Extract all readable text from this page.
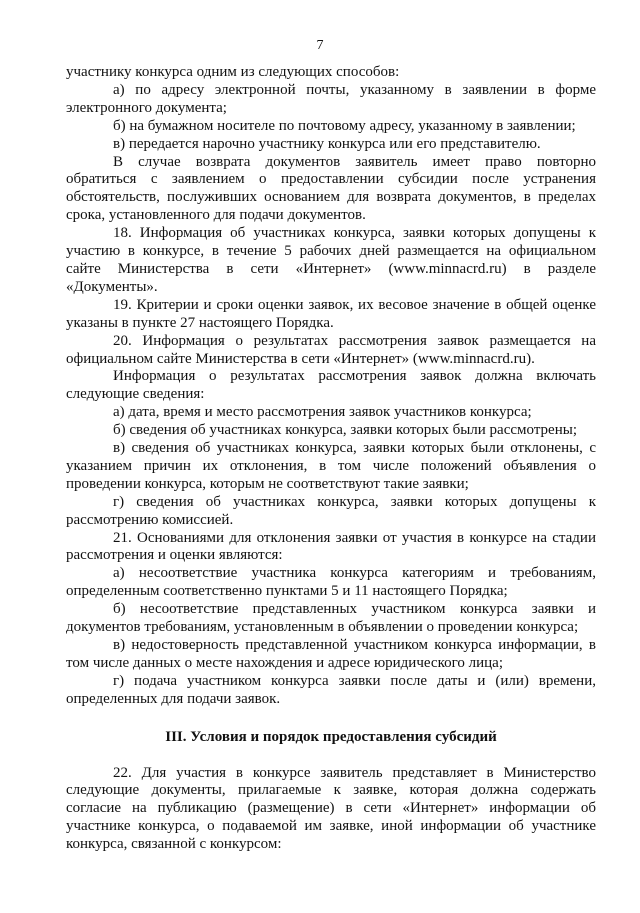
7
участнику конкурса одним из следующих способов:
а) по адресу электронной почты, указанному в заявлении в форме
электронного документа;
б) на бумажном носителе по почтовому адресу, указанному в заявлении;
в) передается нарочно участнику конкурса или его представителю.
В случае возврата документов заявитель имеет право повторно
обратиться с заявлением о предоставлении субсидии после устранения
обстоятельств, послуживших основанием для возврата документов, в пределах
срока, установленного для подачи документов.
18. Информация об участниках конкурса, заявки которых допущены к
участию в конкурсе, в течение 5 рабочих дней размещается на официальном
сайте Министерства в сети «Интернет» (www.minnacrd.ru) в разделе
«Документы».
19. Критерии и сроки оценки заявок, их весовое значение в общей оценке
указаны в пункте 27 настоящего Порядка.
20. Информация о результатах рассмотрения заявок размещается на
официальном сайте Министерства в сети «Интернет» (www.minnacrd.ru).
Информация о результатах рассмотрения заявок должна включать
следующие сведения:
а) дата, время и место рассмотрения заявок участников конкурса;
б) сведения об участниках конкурса, заявки которых были рассмотрены;
в) сведения об участниках конкурса, заявки которых были отклонены, с
указанием причин их отклонения, в том числе положений объявления о
проведении конкурса, которым не соответствуют такие заявки;
г) сведения об участниках конкурса, заявки которых допущены к
рассмотрению комиссией.
21. Основаниями для отклонения заявки от участия в конкурсе на стадии
рассмотрения и оценки являются:
а) несоответствие участника конкурса категориям и требованиям,
определенным соответственно пунктами 5 и 11 настоящего Порядка;
б) несоответствие представленных участником конкурса заявки и
документов требованиям, установленным в объявлении о проведении конкурса;
в) недостоверность представленной участником конкурса информации, в
том числе данных о месте нахождения и адресе юридического лица;
г) подача участником конкурса заявки после даты и (или) времени,
определенных для подачи заявок.
III. Условия и порядок предоставления субсидий
22. Для участия в конкурсе заявитель представляет в Министерство
следующие документы, прилагаемые к заявке, которая должна содержать
согласие на публикацию (размещение) в сети «Интернет» информации об
участнике конкурса, о подаваемой им заявке, иной информации об участнике
конкурса, связанной с конкурсом:
